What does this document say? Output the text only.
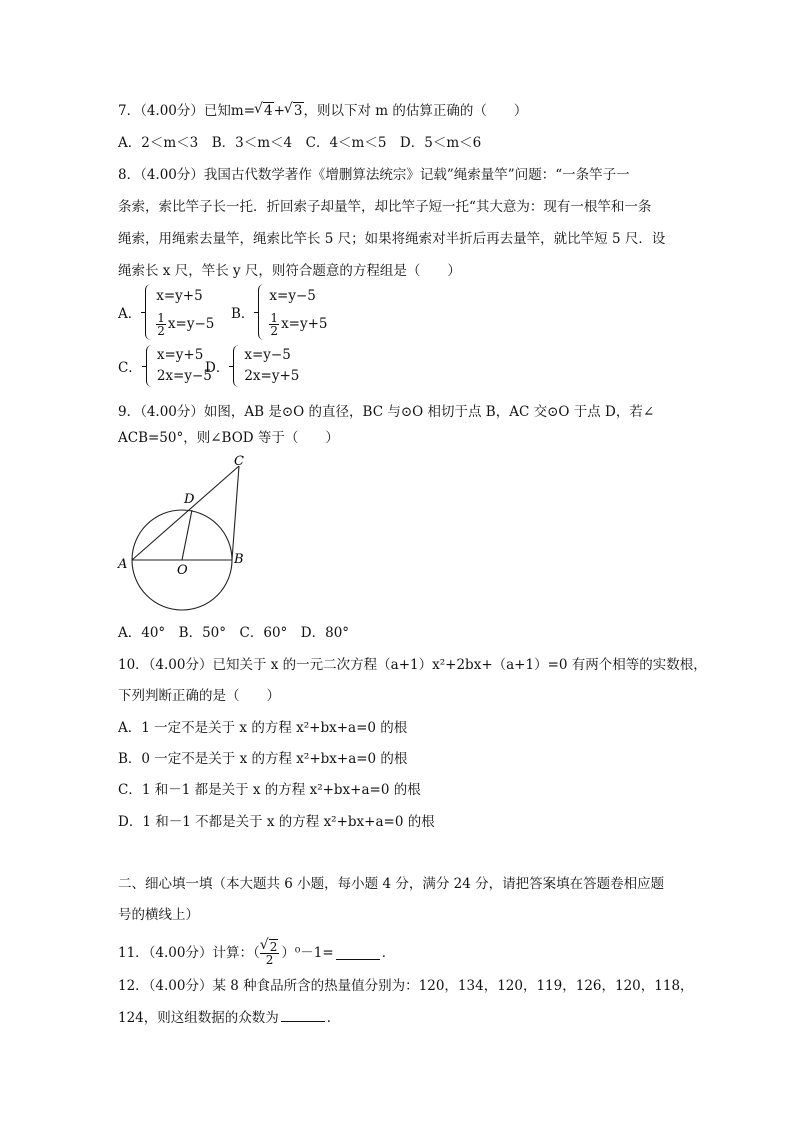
7．（4.00分）已知m= √ 4+ √ 3，则以下对 m 的估算正确的（　　）
A．2＜m＜3　B．3＜m＜4　C．4＜m＜5　D．5＜m＜6
8．（4.00分）我国古代数学著作《增删算法统宗》记载”绳索量竿”问题：“一条竿子一
条索，索比竿子长一托．折回索子却量竿，却比竿子短一托“其大意为：现有一根竿和一条
绳索，用绳索去量竿，绳索比竿长 5 尺；如果将绳索对半折后再去量竿，就比竿短 5 尺．设
绳索长 x 尺，竿长 y 尺，则符合题意的方程组是（　　）
A．
x=y+5
$\frac{1}{2} x=y-5$
B．
x=y−5
$\frac{1}{2} x=y+5$
C．
x=y+5
2x=y−5
D．
x=y−5
2x=y+5
9．（4.00分）如图，AB 是⊙O 的直径，BC 与⊙O 相切于点 B，AC 交⊙O 于点 D，若∠
ACB=50°，则∠BOD 等于（　　）
A	B
C
D
O
A．40°　B．50°　C．60°　D．80°
10．（4.00分）已知关于 x 的一元二次方程（a+1）x²+2bx+（a+1）=0 有两个相等的实数根，
下列判断正确的是（　　）
A．1 一定不是关于 x 的方程 x²+bx+a=0 的根
B．0 一定不是关于 x 的方程 x²+bx+a=0 的根
C．1 和－1 都是关于 x 的方程 x²+bx+a=0 的根
D．1 和－1 不都是关于 x 的方程 x²+bx+a=0 的根
二、细心填一填（本大题共 6 小题，每小题 4 分，满分 24 分，请把答案填在答题卷相应题
号的横线上）
11．（4.00分）计算：（ √ $\frac{2}{2} )^0-1=$	．
12．（4.00分）某 8 种食品所含的热量值分别为：120，134，120，119，126，120，118，
124，则这组数据的众数为	．
